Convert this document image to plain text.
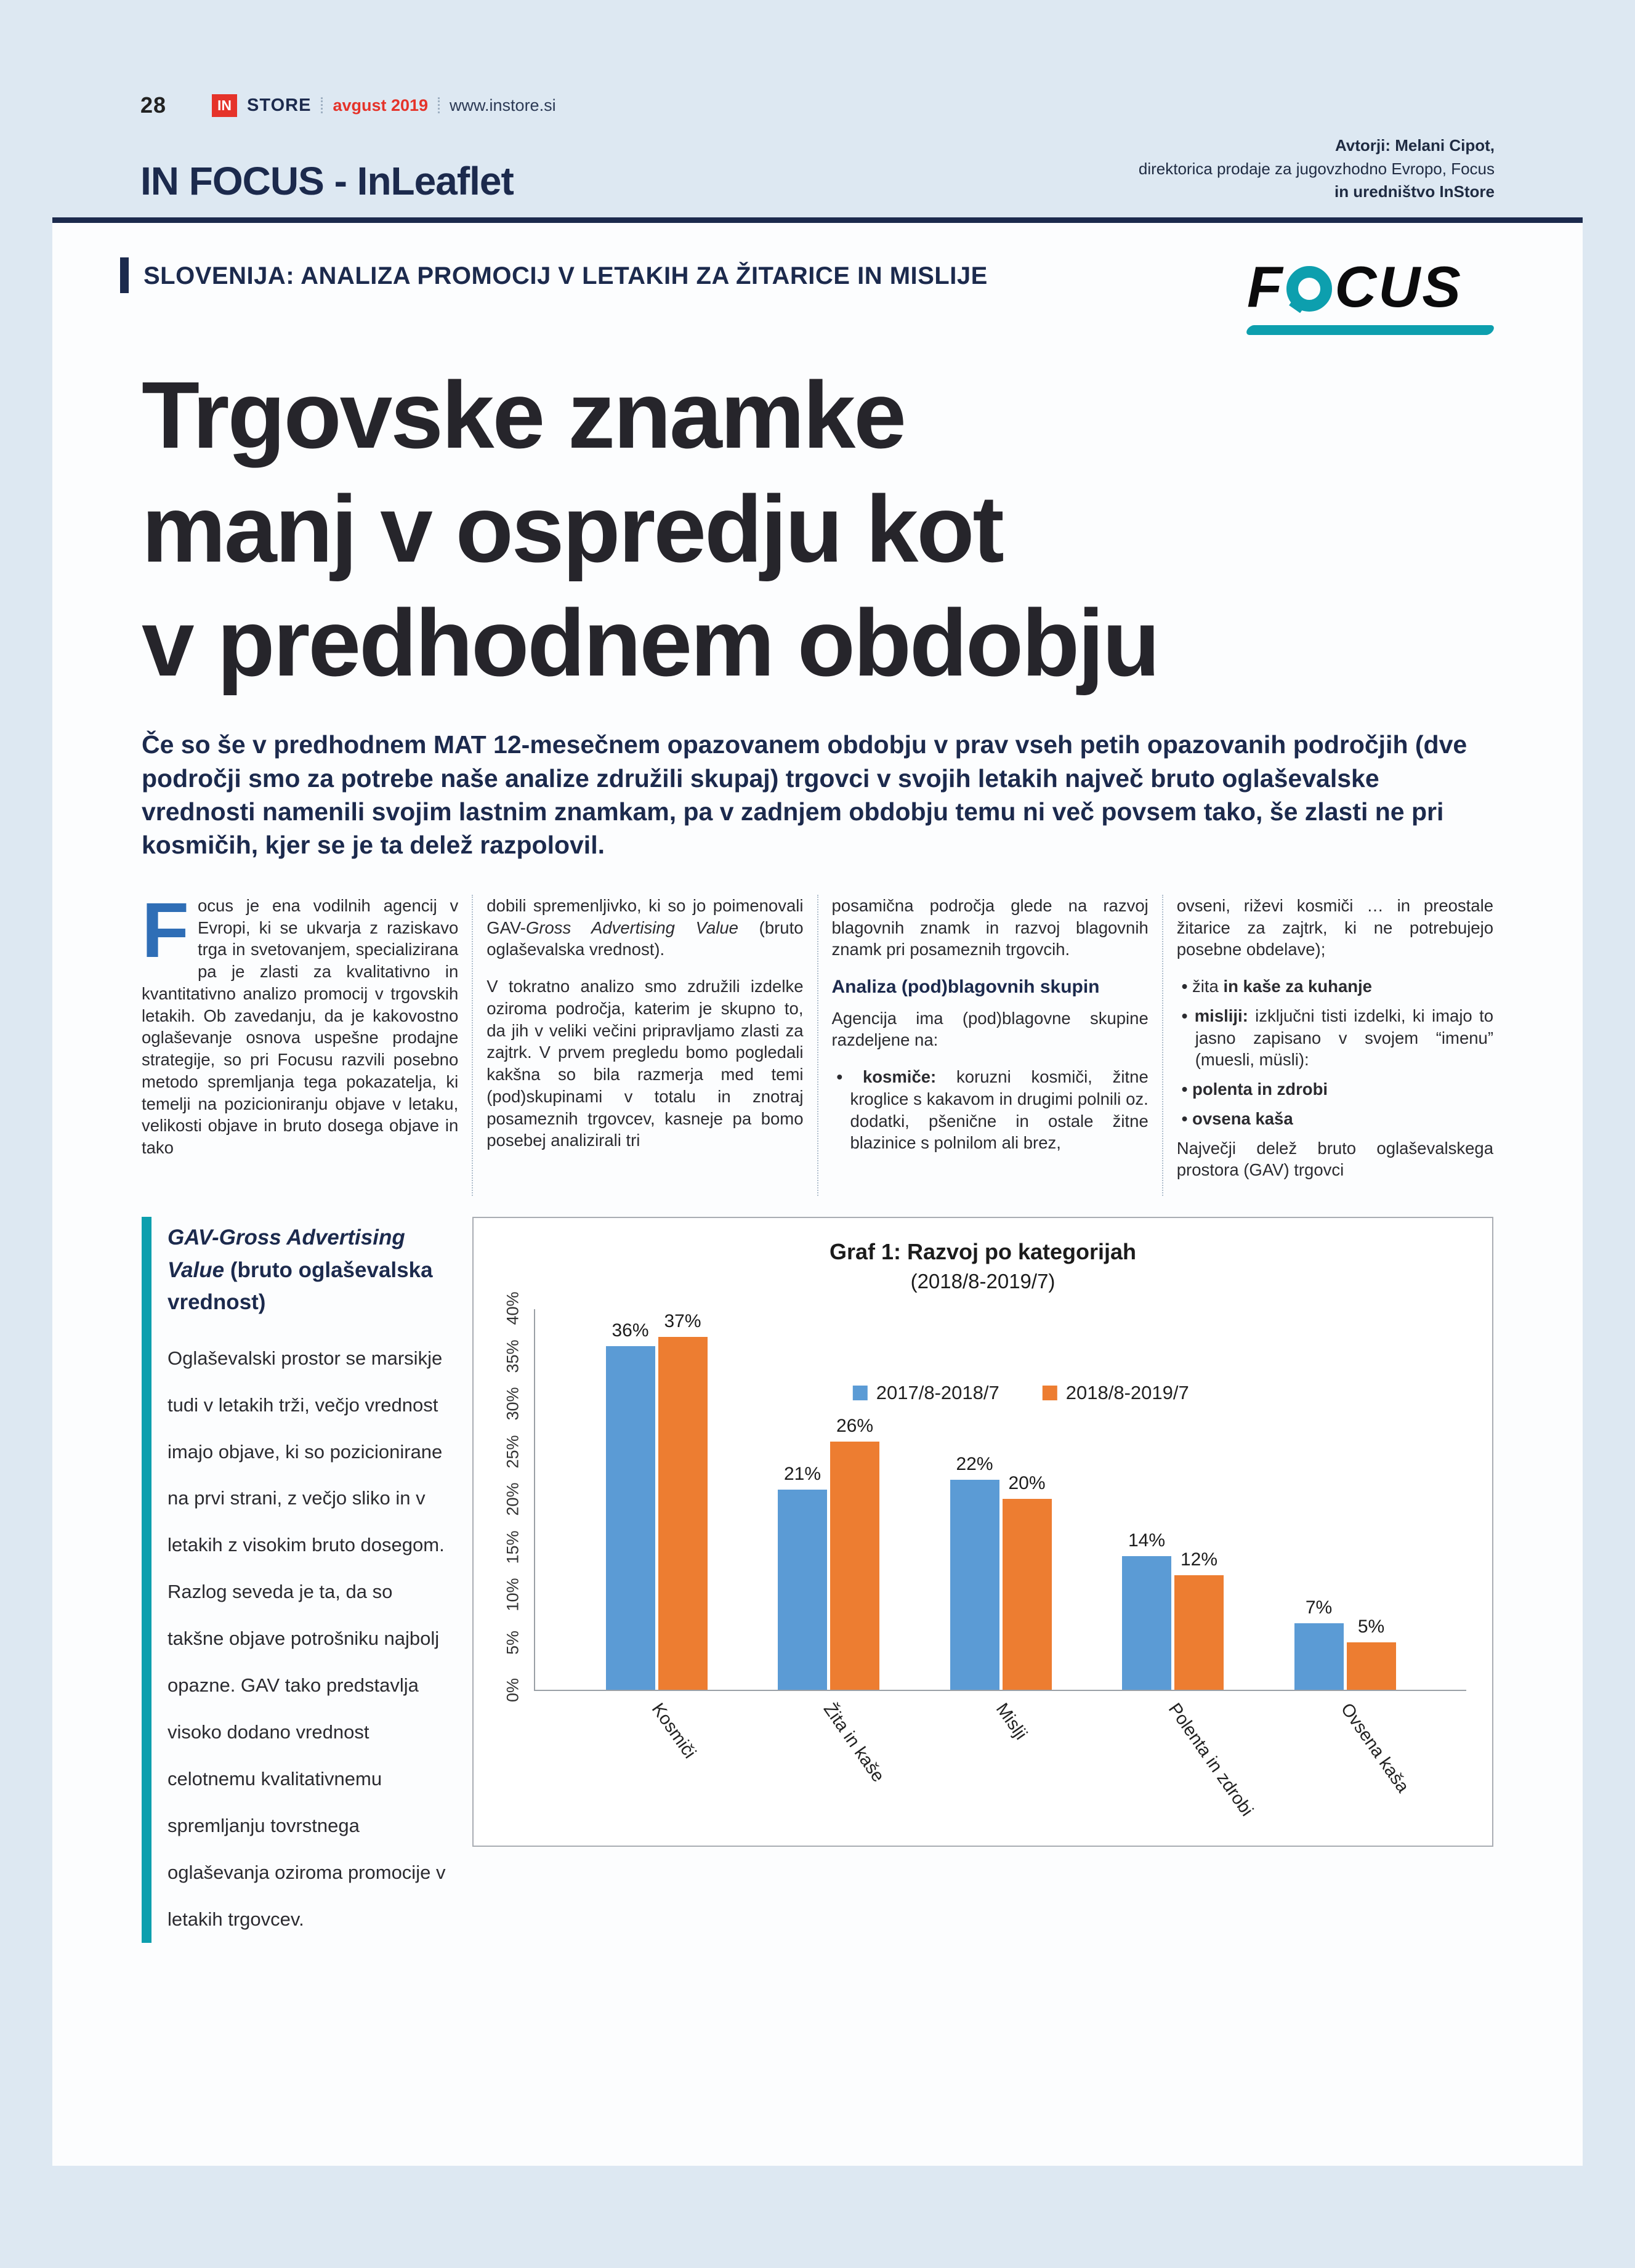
28	IN STORE avgust 2019 www.instore.si
IN FOCUS - InLeaflet
Avtorji: Melani Cipot,
direktorica prodaje za jugovzhodno Evropo, Focus
in uredništvo InStore
SLOVENIJA: ANALIZA PROMOCIJ V LETAKIH ZA ŽITARICE IN MISLIJE	F CUS
Trgovske znamke
manj v ospredju kot
v predhodnem obdobju

Če so še v predhodnem MAT 12-mesečnem opazovanem obdobju v prav vseh petih opazovanih področjih (dve področji smo za potrebe naše analize združili skupaj) trgovci v svojih letakih največ bruto oglaševalske vrednosti namenili svojim lastnim znamkam, pa v zadnjem obdobju temu ni več povsem tako, še zlasti ne pri kosmičih, kjer se je ta delež razpolovil.

Focus je ena vodilnih agencij v Evropi, ki se ukvarja z raziskavo trga in svetovanjem, specializirana pa je zlasti za kvalitativno in kvantitativno analizo promocij v trgovskih letakih. Ob zavedanju, da je kakovostno oglaševanje osnova uspešne prodajne strategije, so pri Focusu razvili posebno metodo spremljanja tega pokazatelja, ki temelji na pozicioniranju objave v letaku, velikosti objave in bruto dosega objave in tako

dobili spremenljivko, ki so jo poimenovali GAV-Gross Advertising Value (bruto oglaševalska vrednost).

V tokratno analizo smo združili izdelke oziroma področja, katerim je skupno to, da jih v veliki večini pripravljamo zlasti za zajtrk. V prvem pregledu bomo pogledali kakšna so bila razmerja med temi (pod)skupinami v totalu in znotraj posameznih trgovcev, kasneje pa bomo posebej analizirali tri

posamična področja glede na razvoj blagovnih znamk in razvoj blagovnih znamk pri posameznih trgovcih.

Analiza (pod)blagovnih skupin

Agencija ima (pod)blagovne skupine razdeljene na:

• kosmiče: koruzni kosmiči, žitne kroglice s kakavom in drugimi polnili oz. dodatki, pšenične in ostale žitne blazinice s polnilom ali brez,

ovseni, riževi kosmiči … in preostale žitarice za zajtrk, ki ne potrebujejo posebne obdelave);

• žita in kaše za kuhanje
• misliji: izključni tisti izdelki, ki imajo to jasno zapisano v svojem “imenu” (muesli, müsli):
• polenta in zdrobi
• ovsena kaša

Največji delež bruto oglaševalskega prostora (GAV) trgovci

GAV-Gross Advertising Value (bruto oglaševalska vrednost)

Oglaševalski prostor se marsikje tudi v letakih trži, večjo vrednost imajo objave, ki so pozicionirane na prvi strani, z večjo sliko in v letakih z visokim bruto dosegom. Razlog seveda je ta, da so takšne objave potrošniku najbolj opazne. GAV tako predstavlja visoko dodano vrednost celotnemu kvalitativnemu spremljanju tovrstnega oglaševanja oziroma promocije v letakih trgovcev.

Graf 1: Razvoj po kategorijah
(2018/8-2019/7)
0%
5%
10%
15%
20%
25%
30%
35%
40%
2017/8-2018/7	2018/8-2019/7
36% 37%
21%
26%
22%
20%
14%
12%
7%
5%
Kosmiči	Žita in kaše	Mislji	Polenta in zdrobi	Ovsena kaša
